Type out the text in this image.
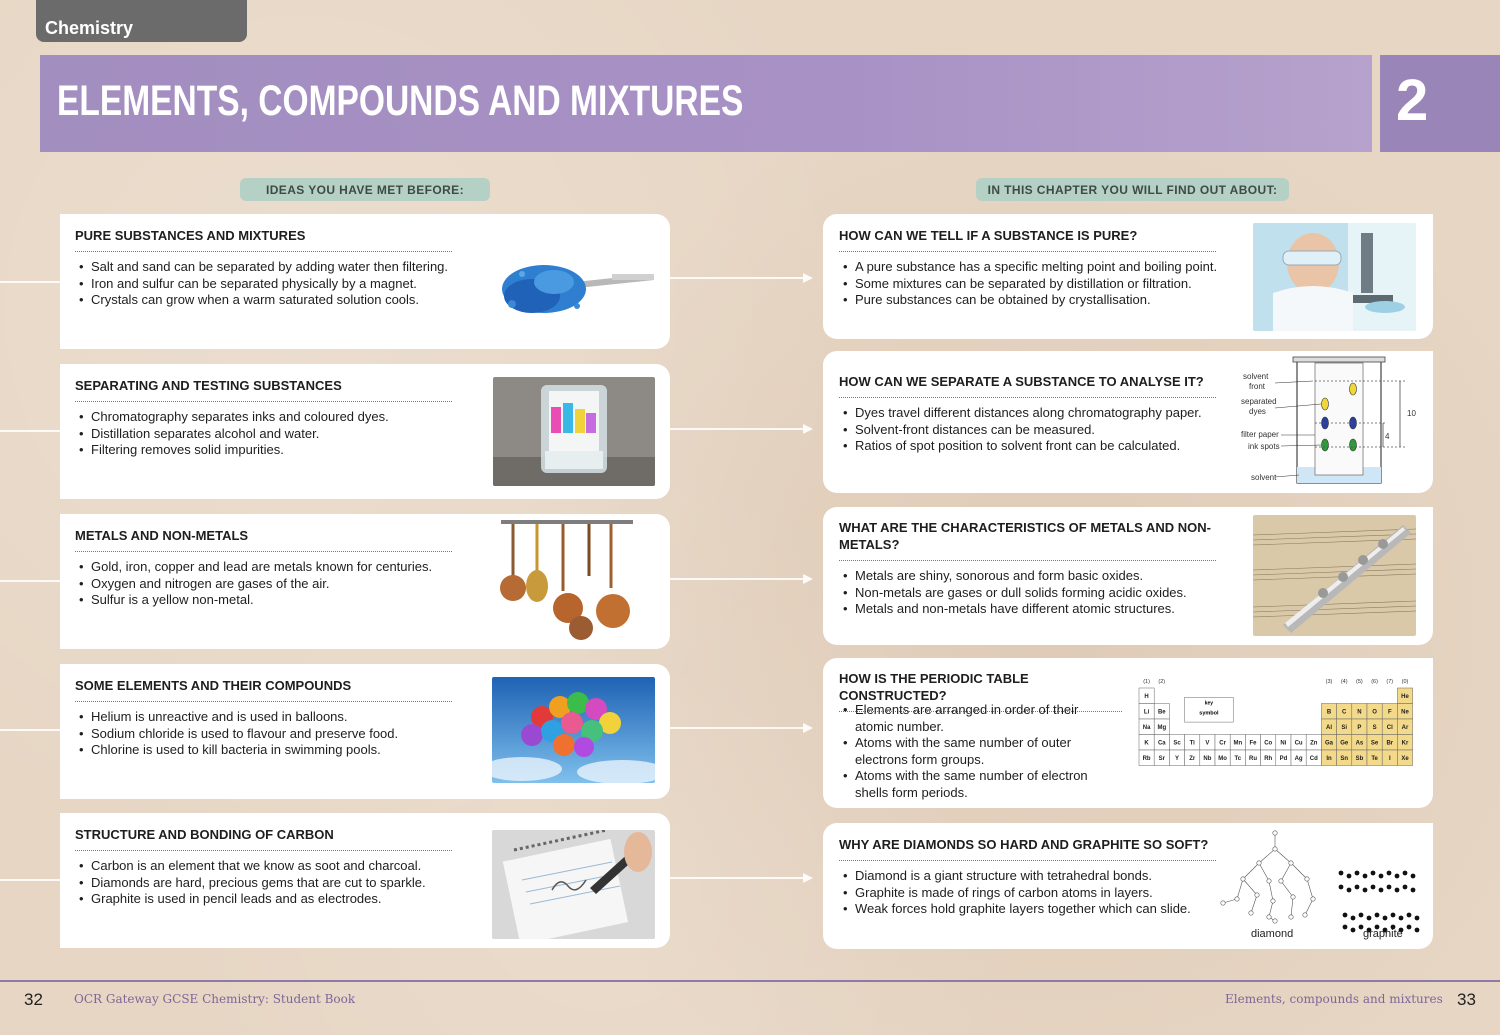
Chemistry
ELEMENTS, COMPOUNDS AND MIXTURES	2
IDEAS YOU HAVE MET BEFORE:	IN THIS CHAPTER YOU WILL FIND OUT ABOUT:
PURE SUBSTANCES AND MIXTURES
• Salt and sand can be separated by adding water then filtering.
• Iron and sulfur can be separated physically by a magnet.
• Crystals can grow when a warm saturated solution cools.
SEPARATING AND TESTING SUBSTANCES
• Chromatography separates inks and coloured dyes.
• Distillation separates alcohol and water.
• Filtering removes solid impurities.
METALS AND NON-METALS
• Gold, iron, copper and lead are metals known for centuries.
• Oxygen and nitrogen are gases of the air.
• Sulfur is a yellow non-metal.
SOME ELEMENTS AND THEIR COMPOUNDS
• Helium is unreactive and is used in balloons.
• Sodium chloride is used to flavour and preserve food.
• Chlorine is used to kill bacteria in swimming pools.
STRUCTURE AND BONDING OF CARBON
• Carbon is an element that we know as soot and charcoal.
• Diamonds are hard, precious gems that are cut to sparkle.
• Graphite is used in pencil leads and as electrodes.
HOW CAN WE TELL IF A SUBSTANCE IS PURE?
• A pure substance has a specific melting point and boiling point.
• Some mixtures can be separated by distillation or filtration.
• Pure substances can be obtained by crystallisation.
HOW CAN WE SEPARATE A SUBSTANCE TO ANALYSE IT?
• Dyes travel different distances along chromatography paper.
• Solvent-front distances can be measured.
• Ratios of spot position to solvent front can be calculated.
10
4
solvent
front
separated
dyes
filter paper
ink spots
solvent
WHAT ARE THE CHARACTERISTICS OF METALS AND NON-METALS?
• Metals are shiny, sonorous and form basic oxides.
• Non-metals are gases or dull solids forming acidic oxides.
• Metals and non-metals have different atomic structures.
HOW IS THE PERIODIC TABLE CONSTRUCTED?
• Elements are arranged in order of their atomic number.
• Atoms with the same number of outer electrons form groups.
• Atoms with the same number of electron shells form periods.
(1) (2)	(3) (4) (5) (6) (7) (0)
H	He
Li Be	B C N O F Ne
Na Mg	Al Si P S Cl Ar
K Ca Sc Ti V Cr Mn Fe Co Ni Cu Zn Ga Ge As Se Br Kr
Rb Sr Y Zr Nb Mo Tc Ru Rh Pd Ag Cd In Sn Sb Te I Xe
key
symbol
WHY ARE DIAMONDS SO HARD AND GRAPHITE SO SOFT?
• Diamond is a giant structure with tetrahedral bonds.
• Graphite is made of rings of carbon atoms in layers.
• Weak forces hold graphite layers together which can slide.
diamond	graphite
32	OCR Gateway GCSE Chemistry: Student Book	Elements, compounds and mixtures 33
